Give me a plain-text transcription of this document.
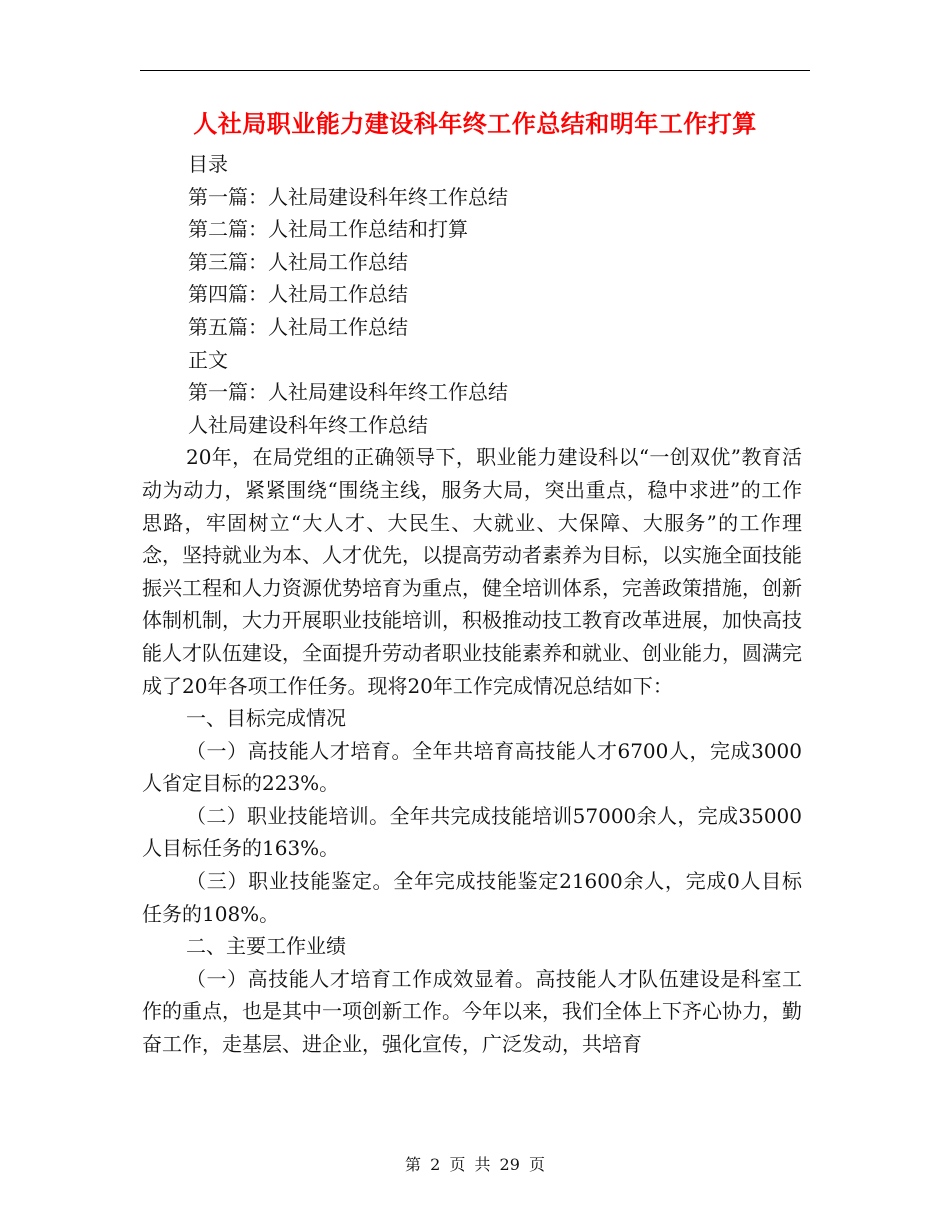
人社局职业能力建设科年终工作总结和明年工作打算
目录
第一篇：人社局建设科年终工作总结
第二篇：人社局工作总结和打算
第三篇：人社局工作总结
第四篇：人社局工作总结
第五篇：人社局工作总结
正文
第一篇：人社局建设科年终工作总结
人社局建设科年终工作总结

20年，在局党组的正确领导下，职业能力建设科以“一创双优”教育活动为动力，紧紧围绕“围绕主线，服务大局，突出重点，稳中求进”的工作思路，牢固树立“大人才、大民生、大就业、大保障、大服务”的工作理念，坚持就业为本、人才优先，以提高劳动者素养为目标，以实施全面技能振兴工程和人力资源优势培育为重点，健全培训体系，完善政策措施，创新体制机制，大力开展职业技能培训，积极推动技工教育改革进展，加快高技能人才队伍建设，全面提升劳动者职业技能素养和就业、创业能力，圆满完成了20年各项工作任务。现将20年工作完成情况总结如下：

一、目标完成情况

（一）高技能人才培育。全年共培育高技能人才6700人，完成3000人省定目标的223%。

（二）职业技能培训。全年共完成技能培训57000余人，完成35000人目标任务的163%。

（三）职业技能鉴定。全年完成技能鉴定21600余人，完成0人目标任务的108%。

二、主要工作业绩

（一）高技能人才培育工作成效显着。高技能人才队伍建设是科室工作的重点，也是其中一项创新工作。今年以来，我们全体上下齐心协力，勤奋工作，走基层、进企业，强化宣传，广泛发动，共培育

第 2 页 共 29 页
